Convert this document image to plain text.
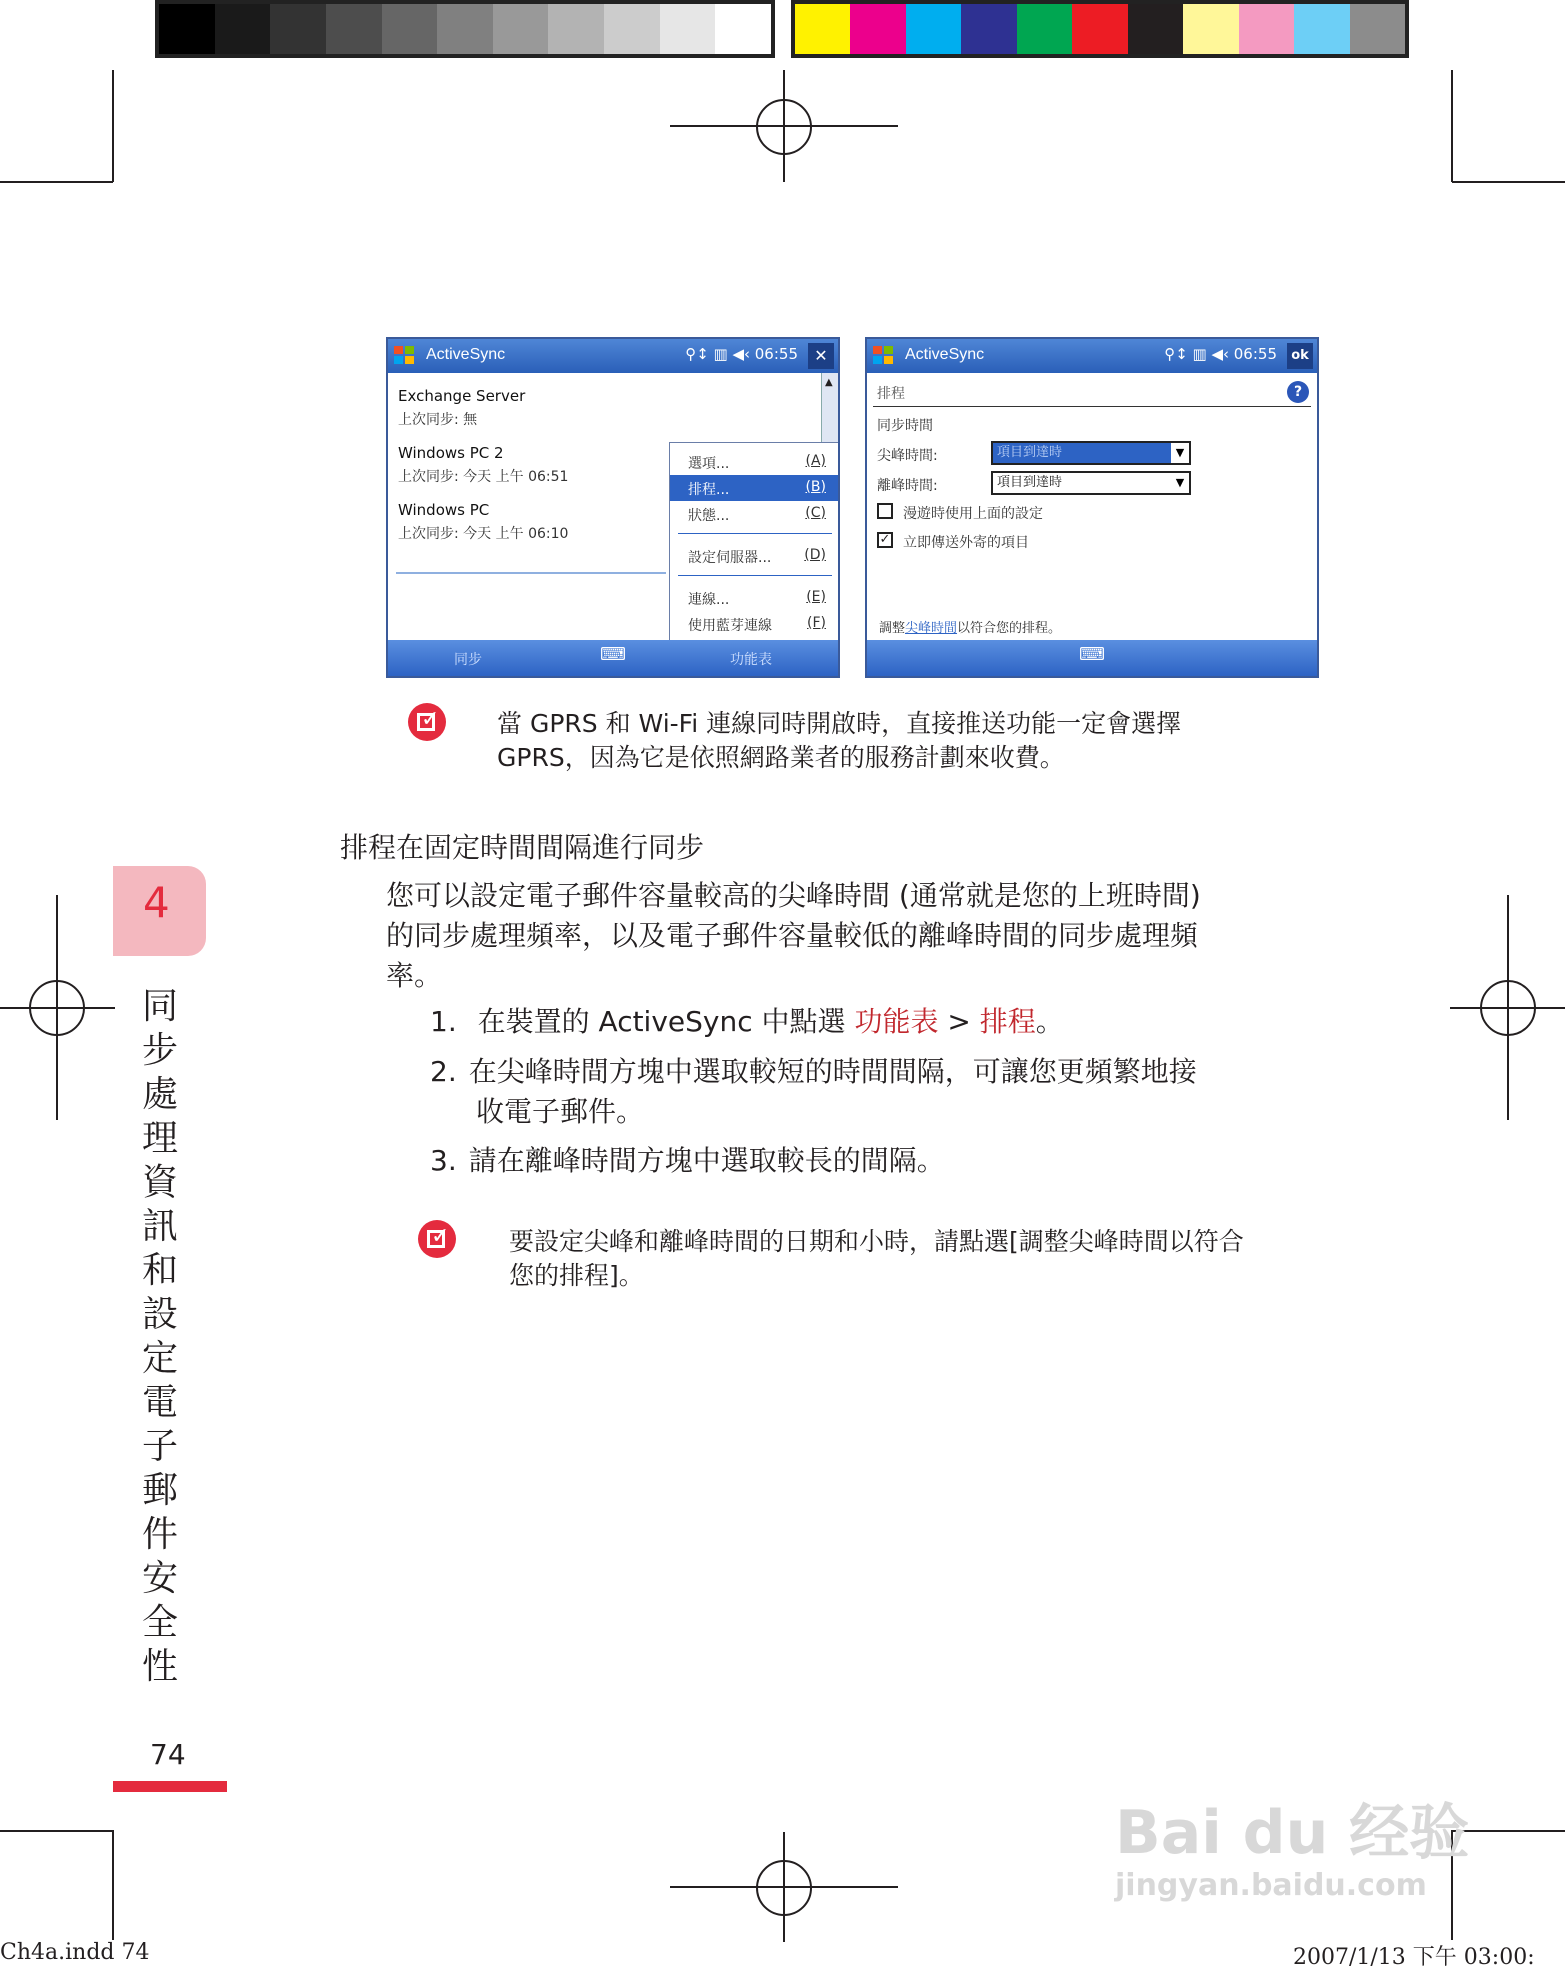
ActiveSync	⚲↕ ▥ ◀‹ 06:55	✕
Exchange Server
上次同步: 無
Windows PC 2
上次同步: 今天 上午 06:51
Windows PC
上次同步: 今天 上午 06:10
▲
選項...	(A)
排程...	(B)
狀態...	(C)
設定伺服器... (D)
連線...	(E)
使用藍芽連線	(F)
同步	⌨	功能表
ActiveSync	⚲↕ ▥ ◀‹ 06:55	ok
排程	?
同步時間
尖峰時間:	項目到達時	▼
離峰時間:	項目到達時	▼
漫遊時使用上面的設定
✓ 立即傳送外寄的項目
調整尖峰時間以符合您的排程。
⌨
✓ 當 GPRS 和 Wi-Fi 連線同時開啟時，直接推送功能一定會選擇
GPRS，因為它是依照網路業者的服務計劃來收費。
排程在固定時間間隔進行同步
您可以設定電子郵件容量較高的尖峰時間 (通常就是您的上班時間)
的同步處理頻率，以及電子郵件容量較低的離峰時間的同步處理頻
率。
1. 在裝置的 ActiveSync 中點選 功能表 > 排程。
2. 在尖峰時間方塊中選取較短的時間間隔，可讓您更頻繁地接
收電子郵件。
3. 請在離峰時間方塊中選取較長的間隔。
✓ 要設定尖峰和離峰時間的日期和小時，請點選[調整尖峰時間以符合
您的排程]。
4
同步處理資訊和設定電子郵件安全性
74
Bai du 经验
jingyan.baidu.com
Ch4a.indd 74	2007/1/13 下午 03:00:
